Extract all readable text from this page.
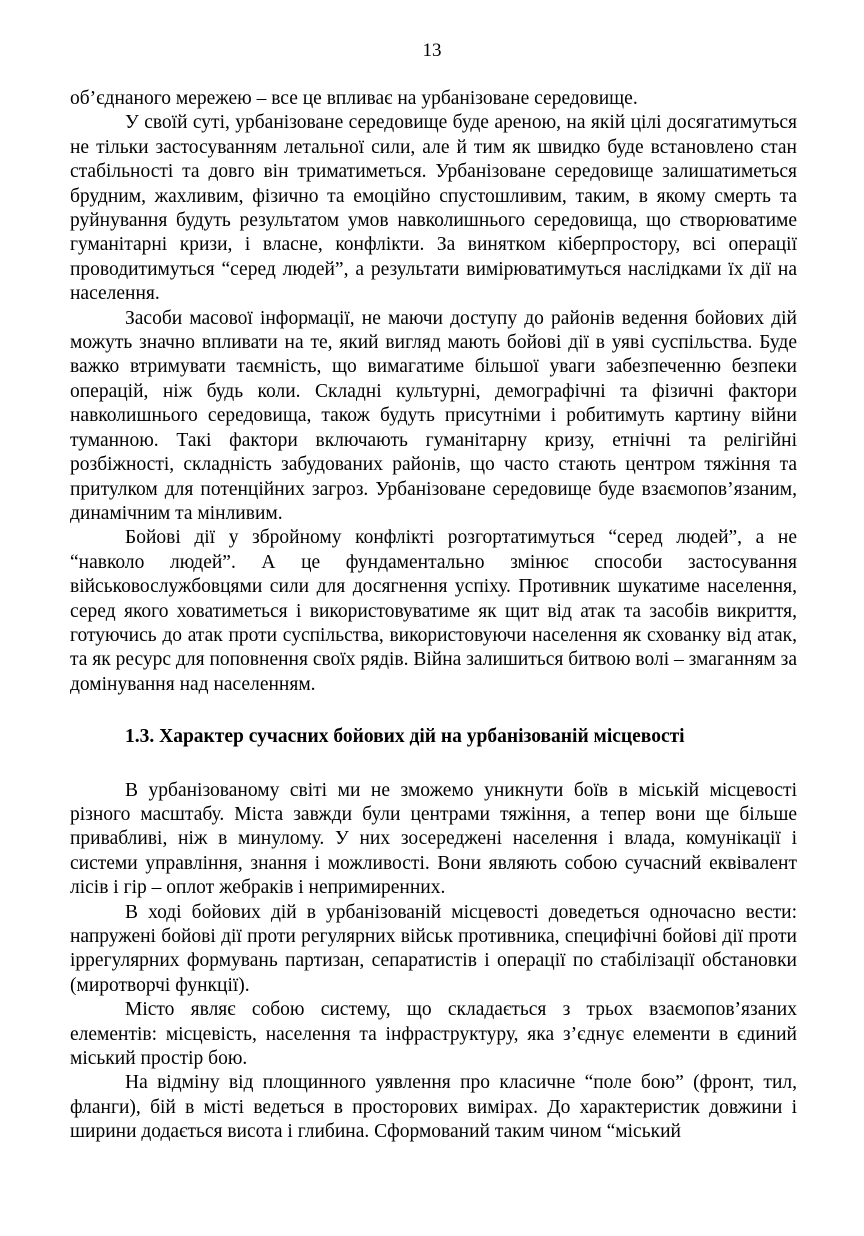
13

об’єднаного мережею – все це впливає на урбанізоване середовище.

У своїй суті, урбанізоване середовище буде ареною, на якій цілі досягатимуться не тільки застосуванням летальної сили, але й тим як швидко буде встановлено стан стабільності та довго він триматиметься. Урбанізоване середовище залишатиметься брудним, жахливим, фізично та емоційно спустошливим, таким, в якому смерть та руйнування будуть результатом умов навколишнього середовища, що створюватиме гуманітарні кризи, і власне, конфлікти. За винятком кіберпростору, всі операції проводитимуться “серед людей”, а результати вимірюватимуться наслідками їх дії на населення.

Засоби масової інформації, не маючи доступу до районів ведення бойових дій можуть значно впливати на те, який вигляд мають бойові дії в уяві суспільства. Буде важко втримувати таємність, що вимагатиме більшої уваги забезпеченню безпеки операцій, ніж будь коли. Складні культурні, демографічні та фізичні фактори навколишнього середовища, також будуть присутніми і робитимуть картину війни туманною. Такі фактори включають гуманітарну кризу, етнічні та релігійні розбіжності, складність забудованих районів, що часто стають центром тяжіння та притулком для потенційних загроз. Урбанізоване середовище буде взаємопов’язаним, динамічним та мінливим.

Бойові дії у збройному конфлікті розгортатимуться “серед людей”, а не “навколо людей”. А це фундаментально змінює способи застосування військовослужбовцями сили для досягнення успіху. Противник шукатиме населення, серед якого ховатиметься і використовуватиме як щит від атак та засобів викриття, готуючись до атак проти суспільства, використовуючи населення як схованку від атак, та як ресурс для поповнення своїх рядів. Війна залишиться битвою волі – змаганням за домінування над населенням.

1.3. Характер сучасних бойових дій на урбанізованій місцевості

В урбанізованому світі ми не зможемо уникнути боїв в міській місцевості різного масштабу. Міста завжди були центрами тяжіння, а тепер вони ще більше привабливі, ніж в минулому. У них зосереджені населення і влада, комунікації і системи управління, знання і можливості. Вони являють собою сучасний еквівалент лісів і гір – оплот жебраків і непримиренних.

В ході бойових дій в урбанізованій місцевості доведеться одночасно вести: напружені бойові дії проти регулярних військ противника, специфічні бойові дії проти іррегулярних формувань партизан, сепаратистів і операції по стабілізації обстановки (миротворчі функції).

Місто являє собою систему, що складається з трьох взаємопов’язаних елементів: місцевість, населення та інфраструктуру, яка з’єднує елементи в єдиний міський простір бою.

На відміну від площинного уявлення про класичне “поле бою” (фронт, тил, фланги), бій в місті ведеться в просторових вимірах. До характеристик довжини і ширини додається висота і глибина. Сформований таким чином “міський
